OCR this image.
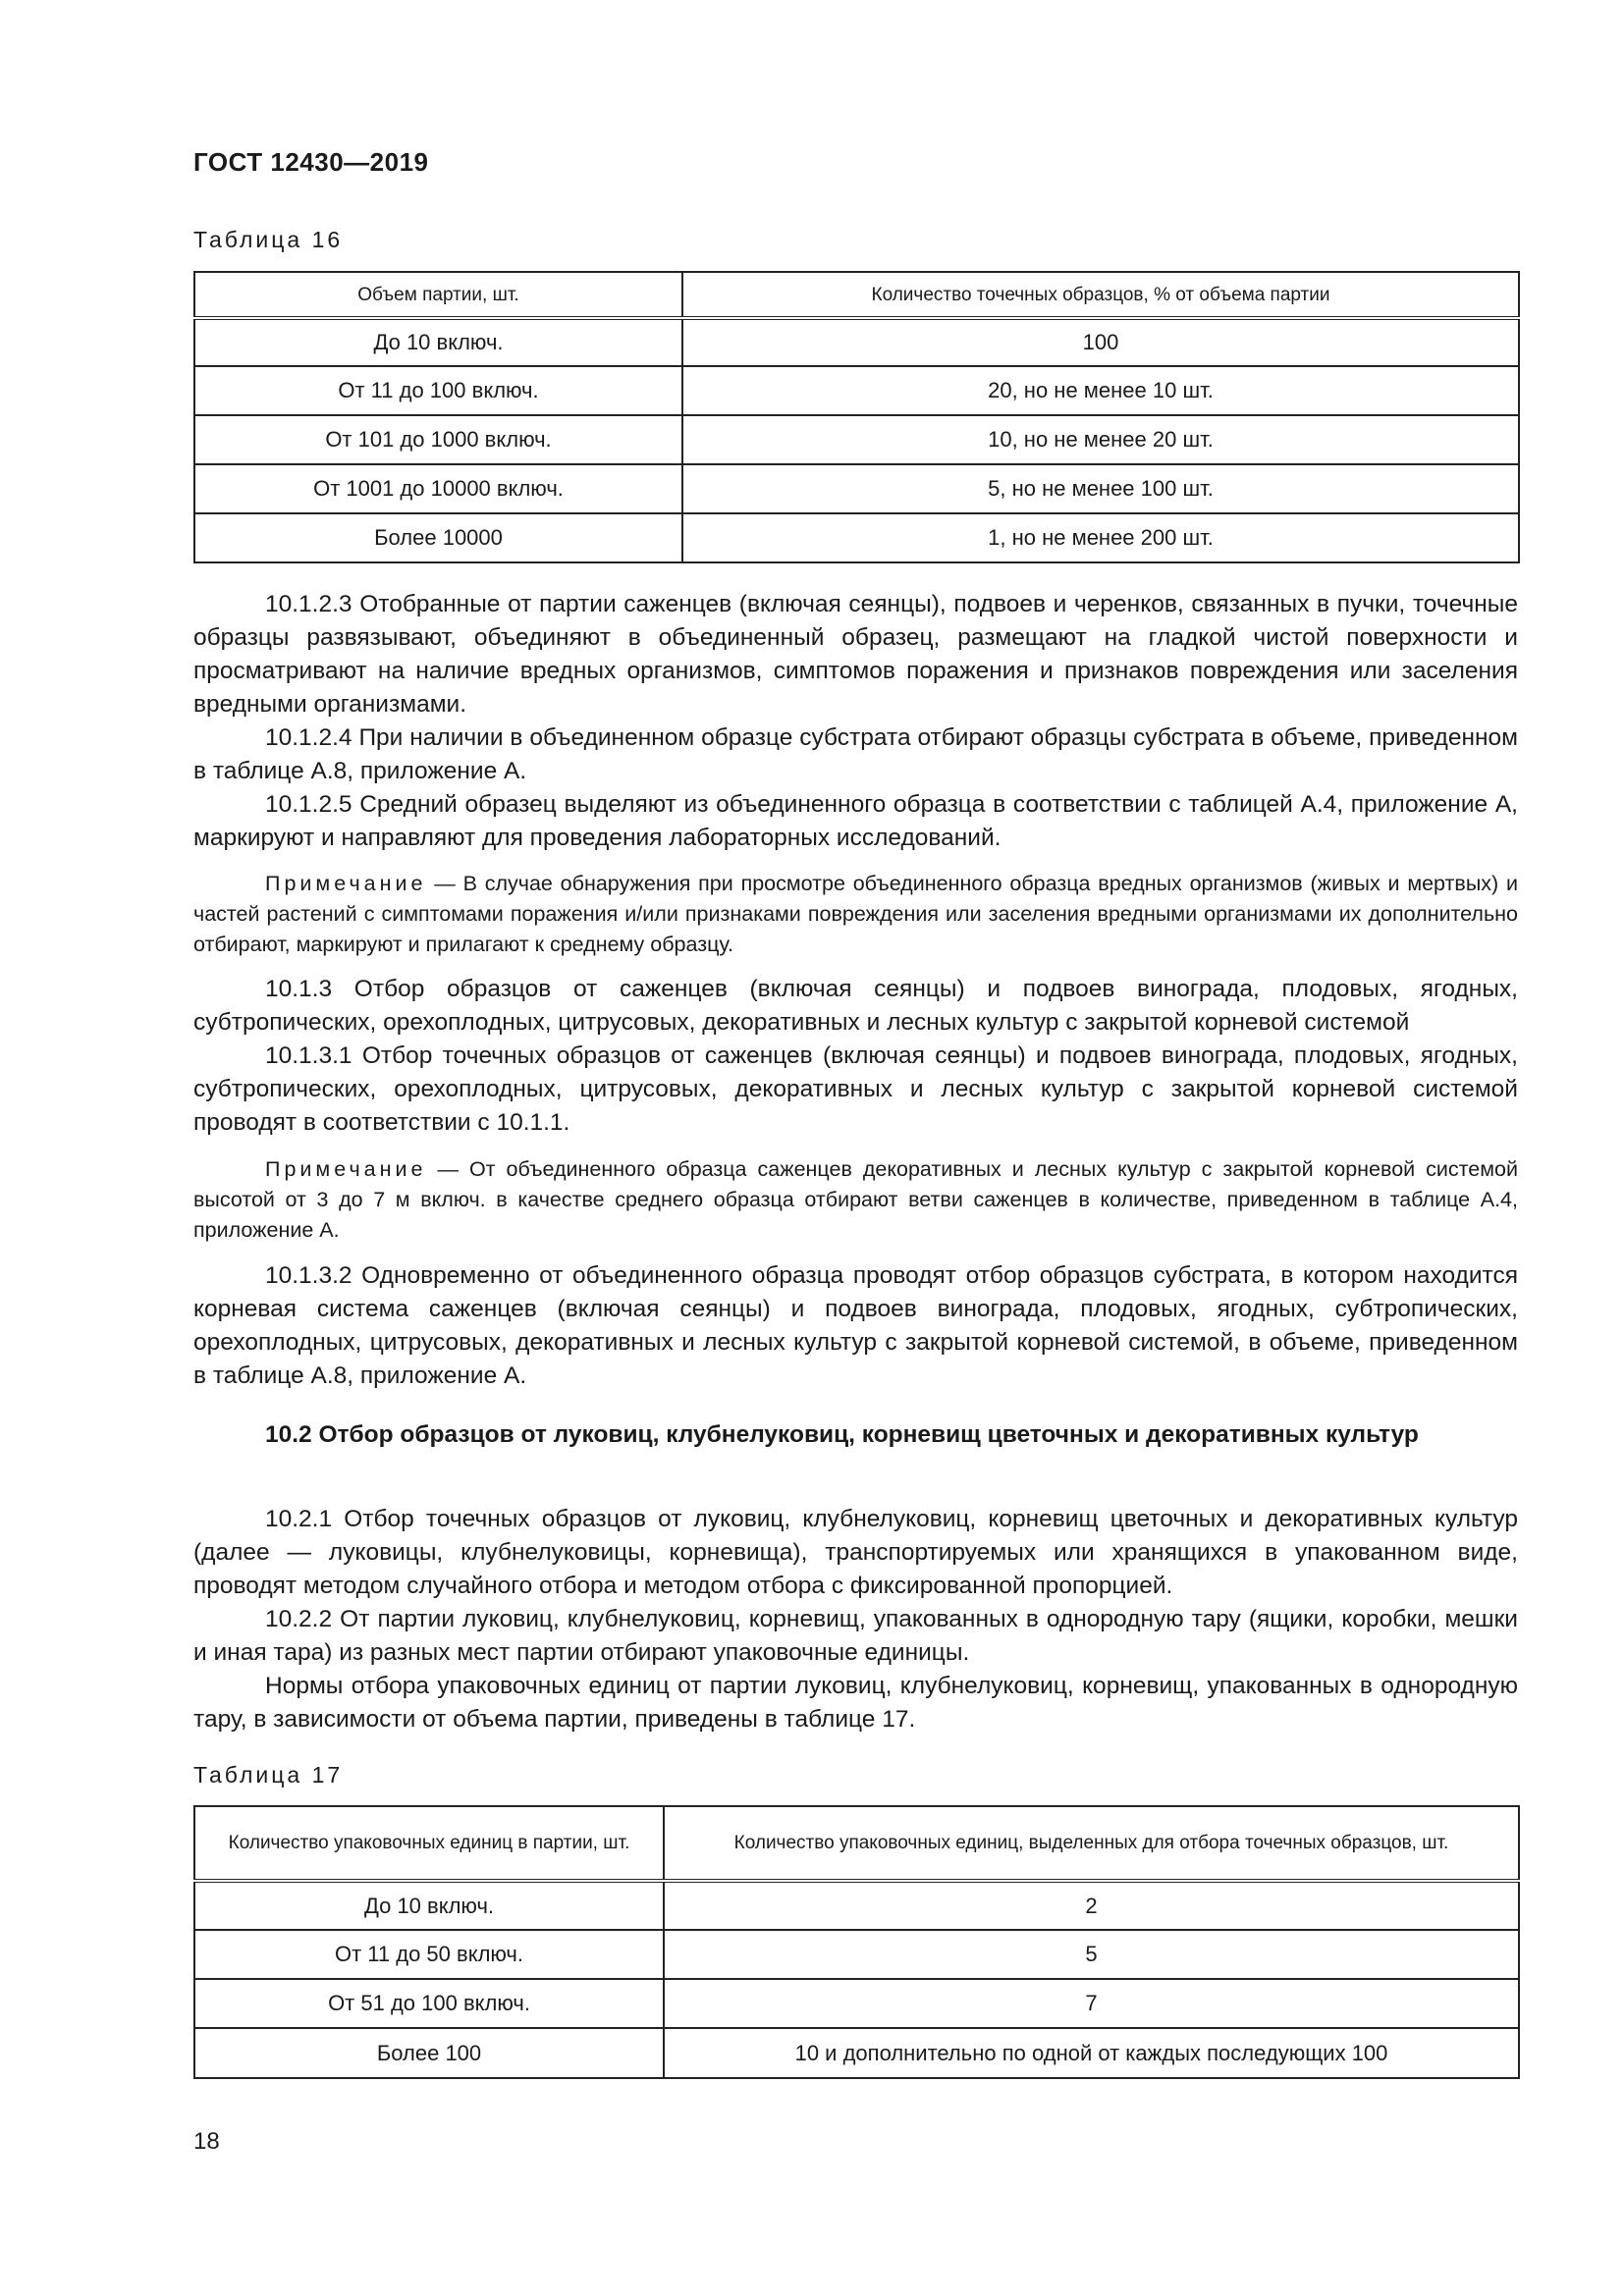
ГОСТ 12430—2019
Таблица 16
Объем партии, шт.	Количество точечных образцов, % от объема партии
До 10 включ.	100
От 11 до 100 включ.	20, но не менее 10 шт.
От 101 до 1000 включ.	10, но не менее 20 шт.
От 1001 до 10000 включ.	5, но не менее 100 шт.
Более 10000	1, но не менее 200 шт.

10.1.2.3 Отобранные от партии саженцев (включая сеянцы), подвоев и черенков, связанных в пучки, точечные образцы развязывают, объединяют в объединенный образец, размещают на гладкой чистой поверхности и просматривают на наличие вредных организмов, симптомов поражения и признаков повреждения или заселения вредными организмами.

10.1.2.4 При наличии в объединенном образце субстрата отбирают образцы субстрата в объеме, приведенном в таблице А.8, приложение А.

10.1.2.5 Средний образец выделяют из объединенного образца в соответствии с таблицей А.4, приложение А, маркируют и направляют для проведения лабораторных исследований.

Примечание — В случае обнаружения при просмотре объединенного образца вредных организмов (живых и мертвых) и частей растений с симптомами поражения и/или признаками повреждения или заселения вредными организмами их дополнительно отбирают, маркируют и прилагают к среднему образцу.

10.1.3 Отбор образцов от саженцев (включая сеянцы) и подвоев винограда, плодовых, ягодных, субтропических, орехоплодных, цитрусовых, декоративных и лесных культур с закрытой корневой системой

10.1.3.1 Отбор точечных образцов от саженцев (включая сеянцы) и подвоев винограда, плодовых, ягодных, субтропических, орехоплодных, цитрусовых, декоративных и лесных культур с закрытой корневой системой проводят в соответствии с 10.1.1.

Примечание — От объединенного образца саженцев декоративных и лесных культур с закрытой корневой системой высотой от 3 до 7 м включ. в качестве среднего образца отбирают ветви саженцев в количестве, приведенном в таблице А.4, приложение А.

10.1.3.2 Одновременно от объединенного образца проводят отбор образцов субстрата, в котором находится корневая система саженцев (включая сеянцы) и подвоев винограда, плодовых, ягодных, субтропических, орехоплодных, цитрусовых, декоративных и лесных культур с закрытой корневой системой, в объеме, приведенном в таблице А.8, приложение А.

10.2 Отбор образцов от луковиц, клубнелуковиц, корневищ цветочных и декоративных культур

10.2.1 Отбор точечных образцов от луковиц, клубнелуковиц, корневищ цветочных и декоративных культур (далее — луковицы, клубнелуковицы, корневища), транспортируемых или хранящихся в упакованном виде, проводят методом случайного отбора и методом отбора с фиксированной пропорцией.

10.2.2 От партии луковиц, клубнелуковиц, корневищ, упакованных в однородную тару (ящики, коробки, мешки и иная тара) из разных мест партии отбирают упаковочные единицы.

Нормы отбора упаковочных единиц от партии луковиц, клубнелуковиц, корневищ, упакованных в однородную тару, в зависимости от объема партии, приведены в таблице 17.

Таблица 17
Количество упаковочных единиц в партии, шт.	Количество упаковочных единиц, выделенных для отбора точечных образцов, шт.
До 10 включ.	2
От 11 до 50 включ.	5
От 51 до 100 включ.	7
Более 100	10 и дополнительно по одной от каждых последующих 100
18
